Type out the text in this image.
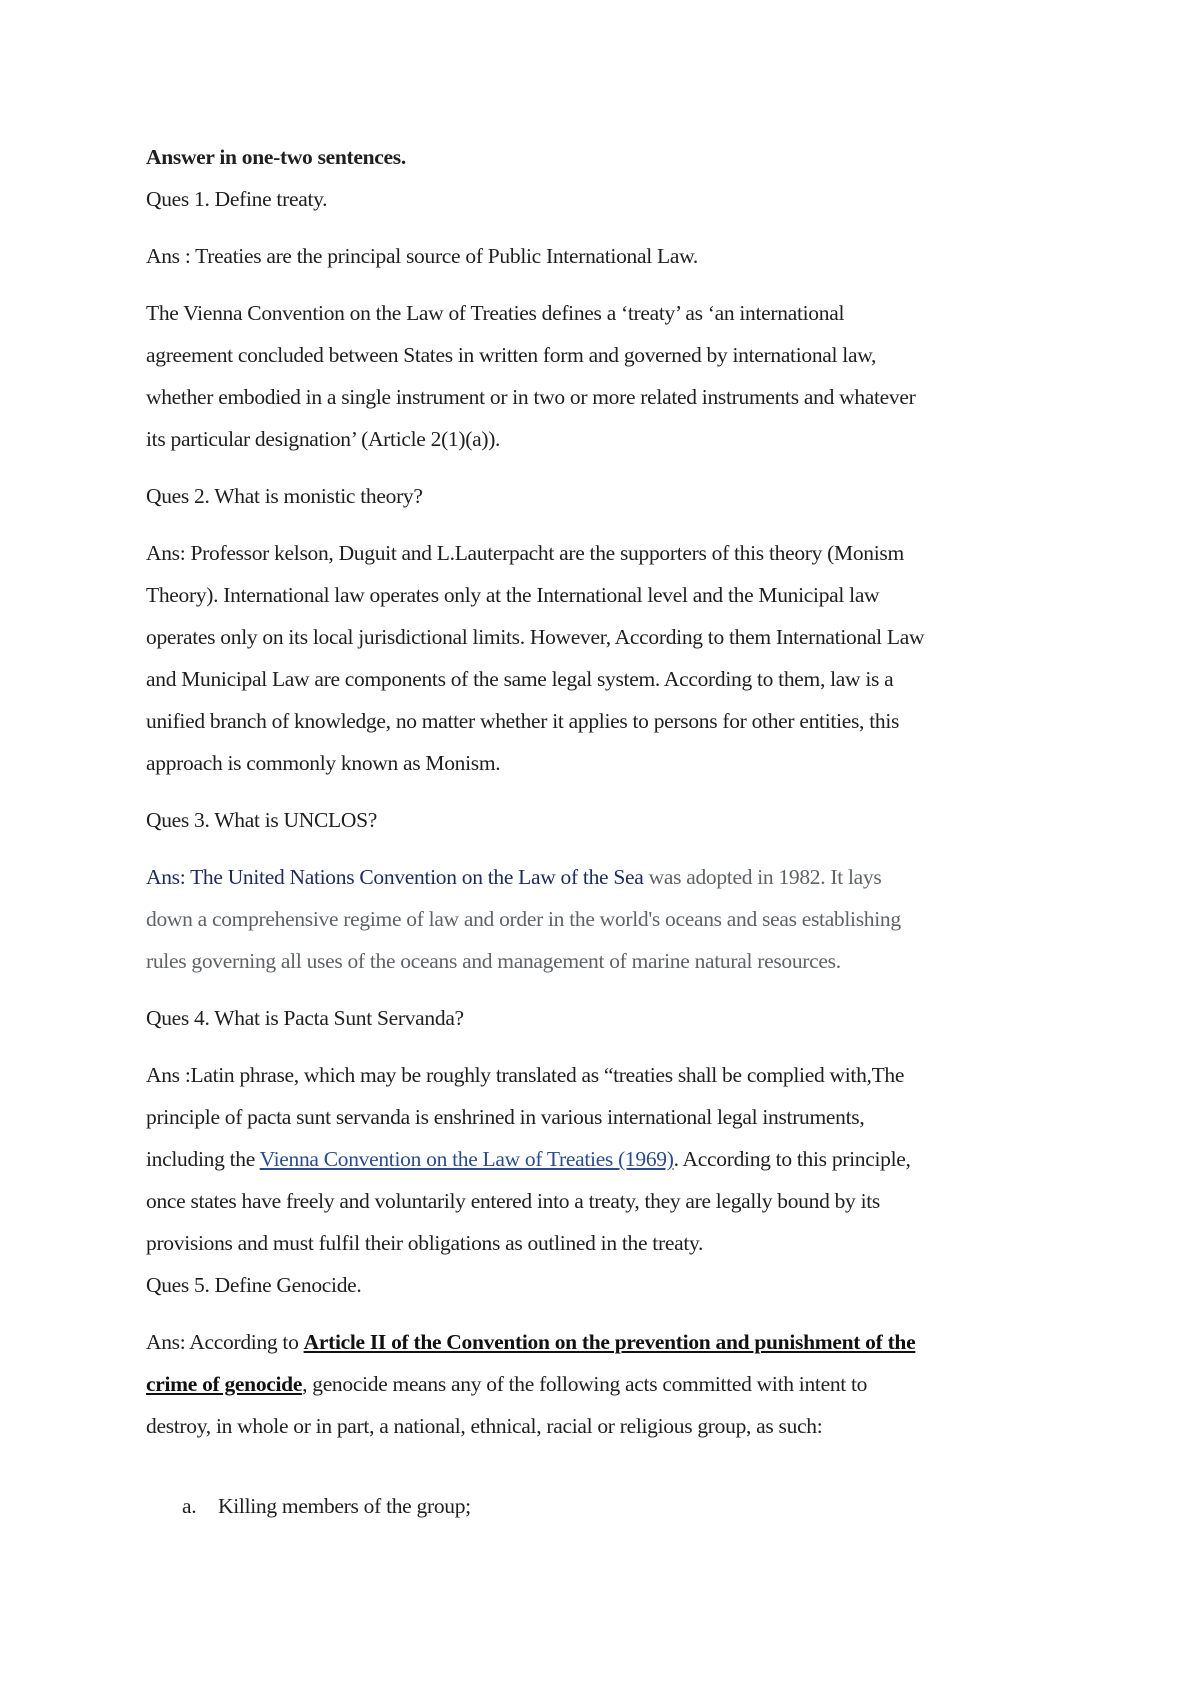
Answer in one-two sentences.

Ques 1. Define treaty.

Ans : Treaties are the principal source of Public International Law.

The Vienna Convention on the Law of Treaties defines a ‘treaty’ as ‘an international

agreement concluded between States in written form and governed by international law,

whether embodied in a single instrument or in two or more related instruments and whatever

its particular designation’ (Article 2(1)(a)).

Ques 2. What is monistic theory?

Ans: Professor kelson, Duguit and L.Lauterpacht are the supporters of this theory (Monism

Theory). International law operates only at the International level and the Municipal law

operates only on its local jurisdictional limits. However, According to them International Law

and Municipal Law are components of the same legal system. According to them, law is a

unified branch of knowledge, no matter whether it applies to persons for other entities, this

approach is commonly known as Monism.

Ques 3. What is UNCLOS?

Ans: The United Nations Convention on the Law of the Sea was adopted in 1982. It lays

down a comprehensive regime of law and order in the world's oceans and seas establishing

rules governing all uses of the oceans and management of marine natural resources.

Ques 4. What is Pacta Sunt Servanda?

Ans :Latin phrase, which may be roughly translated as “treaties shall be complied with,The

principle of pacta sunt servanda is enshrined in various international legal instruments,

including the Vienna Convention on the Law of Treaties (1969). According to this principle,

once states have freely and voluntarily entered into a treaty, they are legally bound by its

provisions and must fulfil their obligations as outlined in the treaty.

Ques 5. Define Genocide.

Ans: According to Article II of the Convention on the prevention and punishment of the

crime of genocide, genocide means any of the following acts committed with intent to

destroy, in whole or in part, a national, ethnical, racial or religious group, as such:

a. Killing members of the group;
